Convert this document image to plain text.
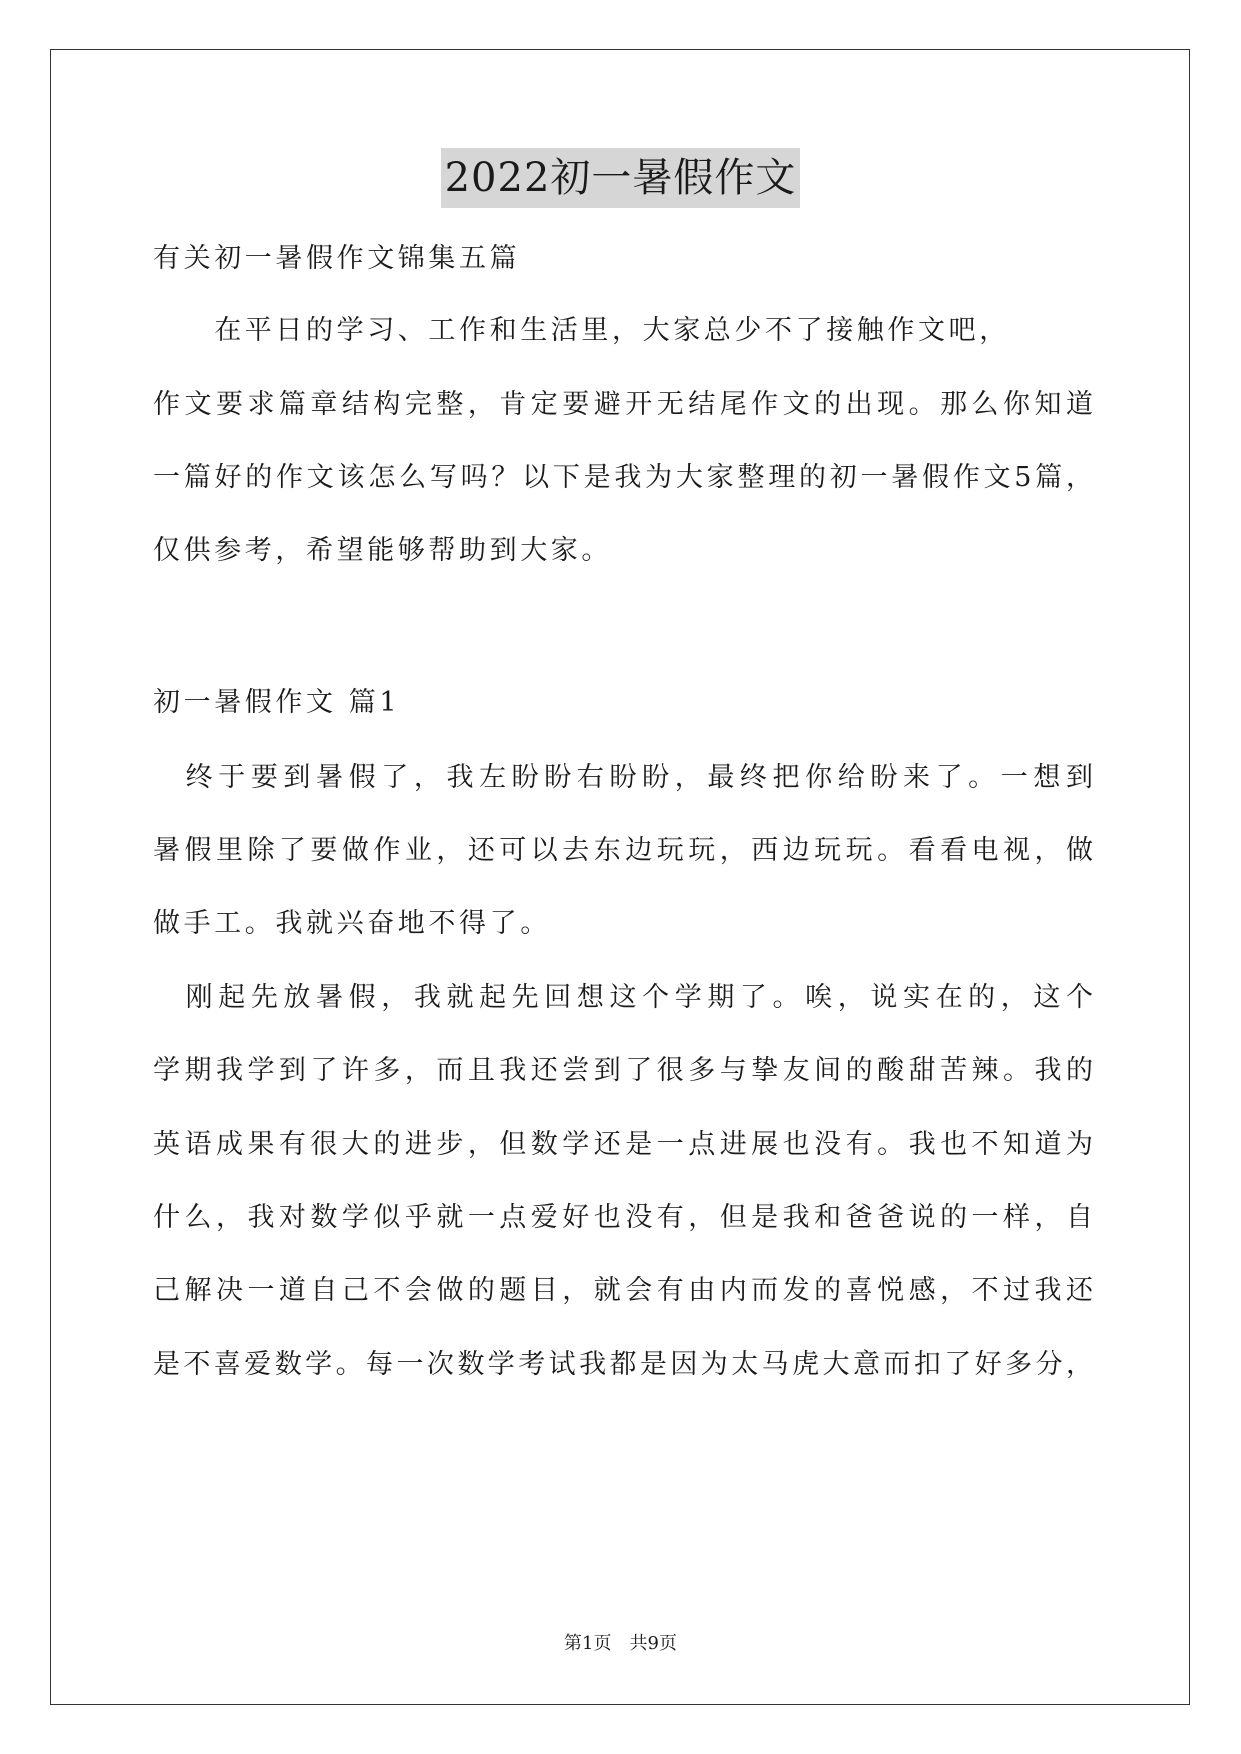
2022初一暑假作文
有关初一暑假作文锦集五篇
　　在平日的学习、工作和生活里，大家总少不了接触作文吧，
作文要求篇章结构完整，肯定要避开无结尾作文的出现。那么你知道
一篇好的作文该怎么写吗？以下是我为大家整理的初一暑假作文5篇，
仅供参考，希望能够帮助到大家。
初一暑假作文 篇1
　终于要到暑假了，我左盼盼右盼盼，最终把你给盼来了。一想到
暑假里除了要做作业，还可以去东边玩玩，西边玩玩。看看电视，做
做手工。我就兴奋地不得了。
　刚起先放暑假，我就起先回想这个学期了。唉，说实在的，这个
学期我学到了许多，而且我还尝到了很多与挚友间的酸甜苦辣。我的
英语成果有很大的进步，但数学还是一点进展也没有。我也不知道为
什么，我对数学似乎就一点爱好也没有，但是我和爸爸说的一样，自
己解决一道自己不会做的题目，就会有由内而发的喜悦感，不过我还
是不喜爱数学。每一次数学考试我都是因为太马虎大意而扣了好多分，
第1页　共9页
